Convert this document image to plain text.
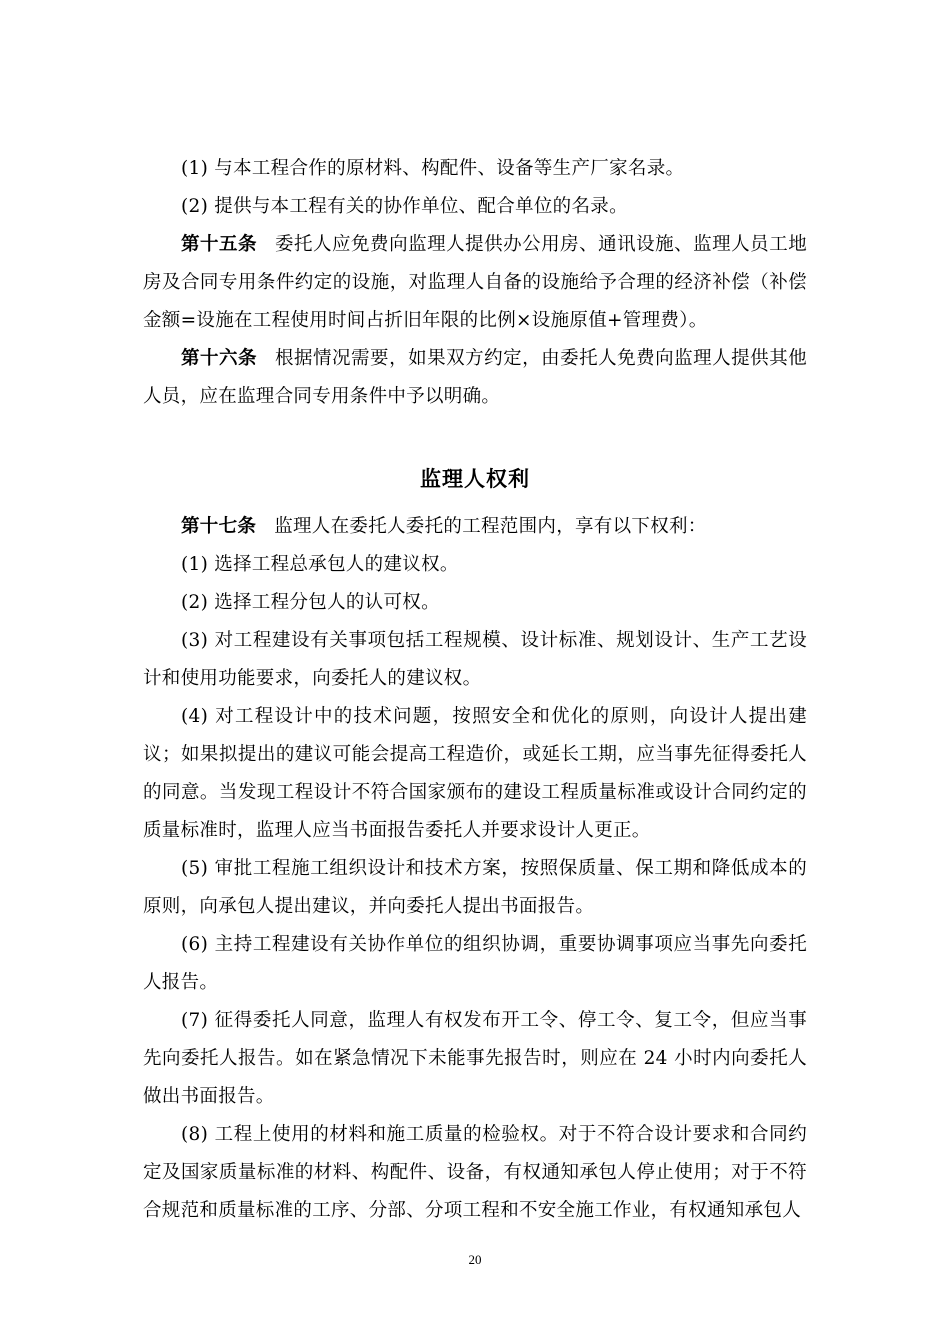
(1) 与本工程合作的原材料、构配件、设备等生产厂家名录。

(2) 提供与本工程有关的协作单位、配合单位的名录。

第十五条 委托人应免费向监理人提供办公用房、通讯设施、监理人员工地房及合同专用条件约定的设施，对监理人自备的设施给予合理的经济补偿（补偿金额=设施在工程使用时间占折旧年限的比例×设施原值+管理费）。

第十六条 根据情况需要，如果双方约定，由委托人免费向监理人提供其他人员，应在监理合同专用条件中予以明确。

监理人权利

第十七条 监理人在委托人委托的工程范围内，享有以下权利：

(1) 选择工程总承包人的建议权。

(2) 选择工程分包人的认可权。

(3) 对工程建设有关事项包括工程规模、设计标准、规划设计、生产工艺设计和使用功能要求，向委托人的建议权。

(4) 对工程设计中的技术问题，按照安全和优化的原则，向设计人提出建议；如果拟提出的建议可能会提高工程造价，或延长工期，应当事先征得委托人的同意。当发现工程设计不符合国家颁布的建设工程质量标准或设计合同约定的质量标准时，监理人应当书面报告委托人并要求设计人更正。

(5) 审批工程施工组织设计和技术方案，按照保质量、保工期和降低成本的原则，向承包人提出建议，并向委托人提出书面报告。

(6) 主持工程建设有关协作单位的组织协调，重要协调事项应当事先向委托人报告。

(7) 征得委托人同意，监理人有权发布开工令、停工令、复工令，但应当事先向委托人报告。如在紧急情况下未能事先报告时，则应在 24 小时内向委托人做出书面报告。

(8) 工程上使用的材料和施工质量的检验权。对于不符合设计要求和合同约定及国家质量标准的材料、构配件、设备，有权通知承包人停止使用；对于不符合规范和质量标准的工序、分部、分项工程和不安全施工作业，有权通知承包人

20
